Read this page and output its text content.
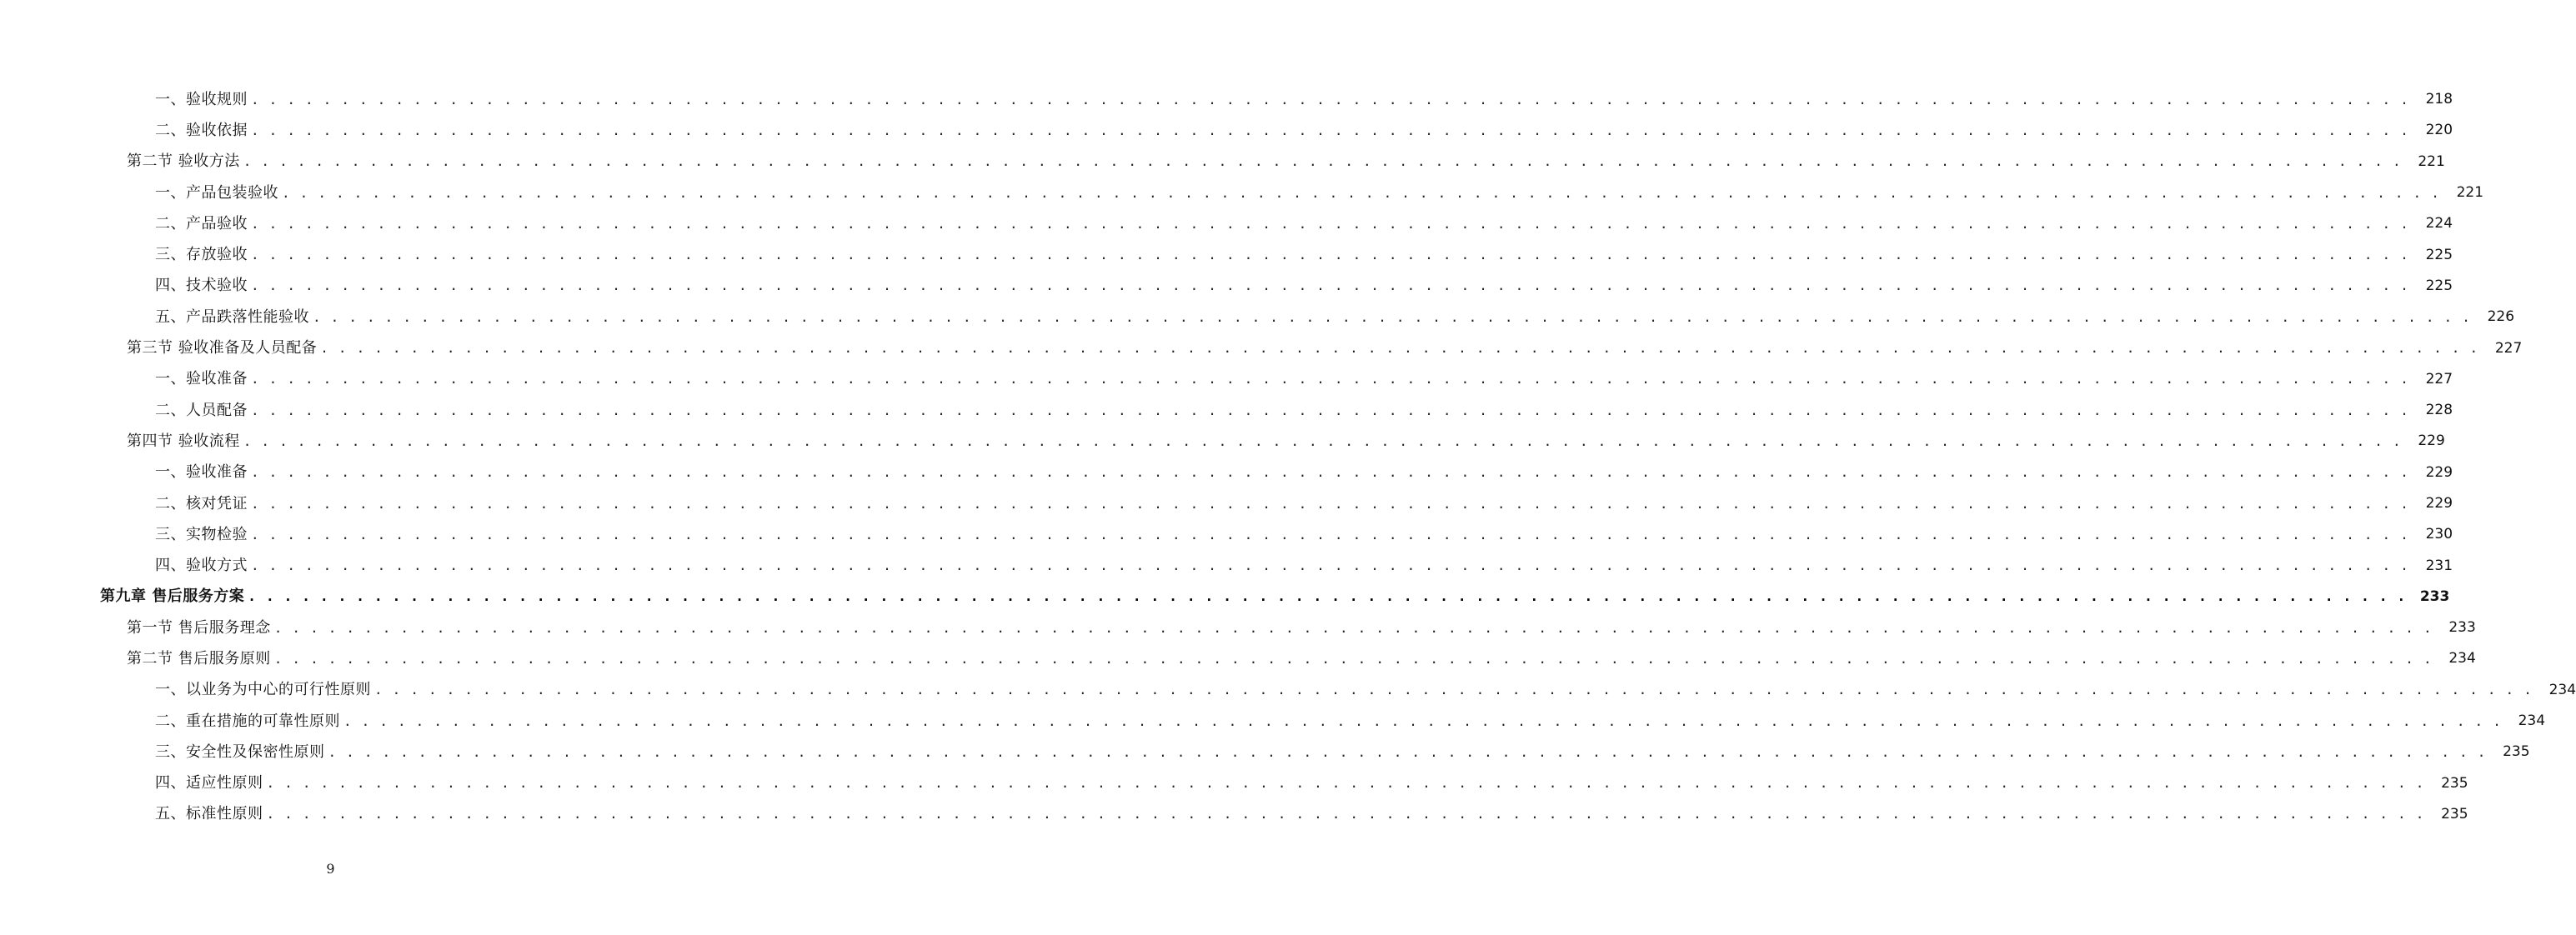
一、验收规则 . . . . . . . . . . . . . . . . . . . . . . . . . . . . . . . . . . . . . . . . . . . . . . . . . . . . . . . . . . . . . . . . . . . . . . . . . . . . . . . . . . . . . . . . . . . . . . . . . . . . . . . . . . . . . . . . . . . . . . . .	218
二、验收依据 . . . . . . . . . . . . . . . . . . . . . . . . . . . . . . . . . . . . . . . . . . . . . . . . . . . . . . . . . . . . . . . . . . . . . . . . . . . . . . . . . . . . . . . . . . . . . . . . . . . . . . . . . . . . . . . . . . . . . . . .	220
第二节 验收方法 . . . . . . . . . . . . . . . . . . . . . . . . . . . . . . . . . . . . . . . . . . . . . . . . . . . . . . . . . . . . . . . . . . . . . . . . . . . . . . . . . . . . . . . . . . . . . . . . . . . . . . . . . . . . . . . . . . . . . . . .	221
一、产品包装验收 . . . . . . . . . . . . . . . . . . . . . . . . . . . . . . . . . . . . . . . . . . . . . . . . . . . . . . . . . . . . . . . . . . . . . . . . . . . . . . . . . . . . . . . . . . . . . . . . . . . . . . . . . . . . . . . . . . . . . . . .	221
二、产品验收 . . . . . . . . . . . . . . . . . . . . . . . . . . . . . . . . . . . . . . . . . . . . . . . . . . . . . . . . . . . . . . . . . . . . . . . . . . . . . . . . . . . . . . . . . . . . . . . . . . . . . . . . . . . . . . . . . . . . . . . .	224
三、存放验收 . . . . . . . . . . . . . . . . . . . . . . . . . . . . . . . . . . . . . . . . . . . . . . . . . . . . . . . . . . . . . . . . . . . . . . . . . . . . . . . . . . . . . . . . . . . . . . . . . . . . . . . . . . . . . . . . . . . . . . . .	225
四、技术验收 . . . . . . . . . . . . . . . . . . . . . . . . . . . . . . . . . . . . . . . . . . . . . . . . . . . . . . . . . . . . . . . . . . . . . . . . . . . . . . . . . . . . . . . . . . . . . . . . . . . . . . . . . . . . . . . . . . . . . . . .	225
五、产品跌落性能验收 . . . . . . . . . . . . . . . . . . . . . . . . . . . . . . . . . . . . . . . . . . . . . . . . . . . . . . . . . . . . . . . . . . . . . . . . . . . . . . . . . . . . . . . . . . . . . . . . . . . . . . . . . . . . . . . . . . . . . . . .	226
第三节 验收准备及人员配备 . . . . . . . . . . . . . . . . . . . . . . . . . . . . . . . . . . . . . . . . . . . . . . . . . . . . . . . . . . . . . . . . . . . . . . . . . . . . . . . . . . . . . . . . . . . . . . . . . . . . . . . . . . . . . . . . . . . . . . . .	227
一、验收准备 . . . . . . . . . . . . . . . . . . . . . . . . . . . . . . . . . . . . . . . . . . . . . . . . . . . . . . . . . . . . . . . . . . . . . . . . . . . . . . . . . . . . . . . . . . . . . . . . . . . . . . . . . . . . . . . . . . . . . . . .	227
二、人员配备 . . . . . . . . . . . . . . . . . . . . . . . . . . . . . . . . . . . . . . . . . . . . . . . . . . . . . . . . . . . . . . . . . . . . . . . . . . . . . . . . . . . . . . . . . . . . . . . . . . . . . . . . . . . . . . . . . . . . . . . .	228
第四节 验收流程 . . . . . . . . . . . . . . . . . . . . . . . . . . . . . . . . . . . . . . . . . . . . . . . . . . . . . . . . . . . . . . . . . . . . . . . . . . . . . . . . . . . . . . . . . . . . . . . . . . . . . . . . . . . . . . . . . . . . . . . .	229
一、验收准备 . . . . . . . . . . . . . . . . . . . . . . . . . . . . . . . . . . . . . . . . . . . . . . . . . . . . . . . . . . . . . . . . . . . . . . . . . . . . . . . . . . . . . . . . . . . . . . . . . . . . . . . . . . . . . . . . . . . . . . . .	229
二、核对凭证 . . . . . . . . . . . . . . . . . . . . . . . . . . . . . . . . . . . . . . . . . . . . . . . . . . . . . . . . . . . . . . . . . . . . . . . . . . . . . . . . . . . . . . . . . . . . . . . . . . . . . . . . . . . . . . . . . . . . . . . .	229
三、实物检验 . . . . . . . . . . . . . . . . . . . . . . . . . . . . . . . . . . . . . . . . . . . . . . . . . . . . . . . . . . . . . . . . . . . . . . . . . . . . . . . . . . . . . . . . . . . . . . . . . . . . . . . . . . . . . . . . . . . . . . . .	230
四、验收方式 . . . . . . . . . . . . . . . . . . . . . . . . . . . . . . . . . . . . . . . . . . . . . . . . . . . . . . . . . . . . . . . . . . . . . . . . . . . . . . . . . . . . . . . . . . . . . . . . . . . . . . . . . . . . . . . . . . . . . . . .	231
第九章 售后服务方案 . . . . . . . . . . . . . . . . . . . . . . . . . . . . . . . . . . . . . . . . . . . . . . . . . . . . . . . . . . . . . . . . . . . . . . . . . . . . . . . . . . . . . . . . . . . . . . . . . . . . . . . . . . . . . . . . . . . . . . . . 233
第一节 售后服务理念 . . . . . . . . . . . . . . . . . . . . . . . . . . . . . . . . . . . . . . . . . . . . . . . . . . . . . . . . . . . . . . . . . . . . . . . . . . . . . . . . . . . . . . . . . . . . . . . . . . . . . . . . . . . . . . . . . . . . . . . .	233
第二节 售后服务原则 . . . . . . . . . . . . . . . . . . . . . . . . . . . . . . . . . . . . . . . . . . . . . . . . . . . . . . . . . . . . . . . . . . . . . . . . . . . . . . . . . . . . . . . . . . . . . . . . . . . . . . . . . . . . . . . . . . . . . . . .	234
一、以业务为中心的可行性原则 . . . . . . . . . . . . . . . . . . . . . . . . . . . . . . . . . . . . . . . . . . . . . . . . . . . . . . . . . . . . . . . . . . . . . . . . . . . . . . . . . . . . . . . . . . . . . . . . . . . . . . . . . . . . . . . . . . . . . . . .	234
二、重在措施的可靠性原则 . . . . . . . . . . . . . . . . . . . . . . . . . . . . . . . . . . . . . . . . . . . . . . . . . . . . . . . . . . . . . . . . . . . . . . . . . . . . . . . . . . . . . . . . . . . . . . . . . . . . . . . . . . . . . . . . . . . . . . . .	234
三、安全性及保密性原则 . . . . . . . . . . . . . . . . . . . . . . . . . . . . . . . . . . . . . . . . . . . . . . . . . . . . . . . . . . . . . . . . . . . . . . . . . . . . . . . . . . . . . . . . . . . . . . . . . . . . . . . . . . . . . . . . . . . . . . . .	235
四、适应性原则 . . . . . . . . . . . . . . . . . . . . . . . . . . . . . . . . . . . . . . . . . . . . . . . . . . . . . . . . . . . . . . . . . . . . . . . . . . . . . . . . . . . . . . . . . . . . . . . . . . . . . . . . . . . . . . . . . . . . . . . .	235
五、标准性原则 . . . . . . . . . . . . . . . . . . . . . . . . . . . . . . . . . . . . . . . . . . . . . . . . . . . . . . . . . . . . . . . . . . . . . . . . . . . . . . . . . . . . . . . . . . . . . . . . . . . . . . . . . . . . . . . . . . . . . . . .	235
9
